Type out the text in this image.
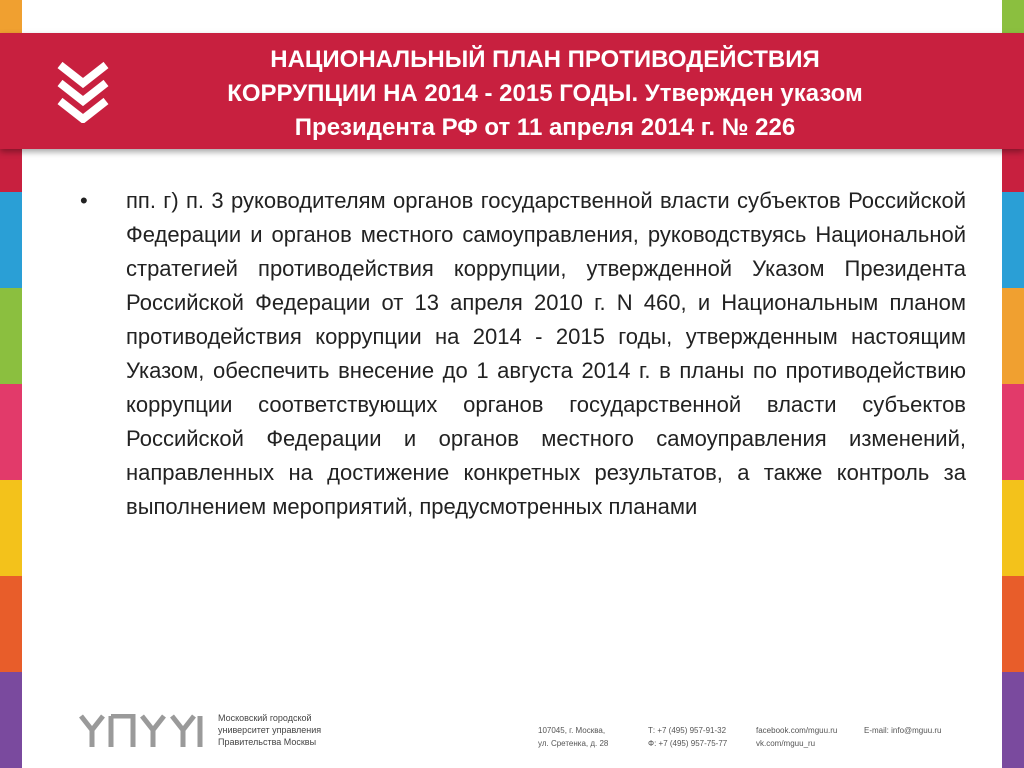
НАЦИОНАЛЬНЫЙ ПЛАН ПРОТИВОДЕЙСТВИЯ
КОРРУПЦИИ НА 2014 - 2015 ГОДЫ. Утвержден указом
Президента РФ от 11 апреля 2014 г. № 226
• пп. г) п. 3 руководителям органов государственной власти субъектов Российской Федерации и органов местного самоуправления, руководствуясь Национальной стратегией противодействия коррупции, утвержденной Указом Президента Российской Федерации от 13 апреля 2010 г. N 460, и Национальным планом противодействия коррупции на 2014 - 2015 годы, утвержденным настоящим Указом, обеспечить внесение до 1 августа 2014 г. в планы по противодействию коррупции соответствующих органов государственной власти субъектов Российской Федерации и органов местного самоуправления изменений, направленных на достижение конкретных результатов, а также контроль за выполнением мероприятий, предусмотренных планами

Московский городской
университет управления
Правительства Москвы
107045, г. Москва,
ул. Сретенка, д. 28
Т: +7 (495) 957-91-32
Ф: +7 (495) 957-75-77
facebook.com/mguu.ru
vk.com/mguu_ru
E-mail: info@mguu.ru
